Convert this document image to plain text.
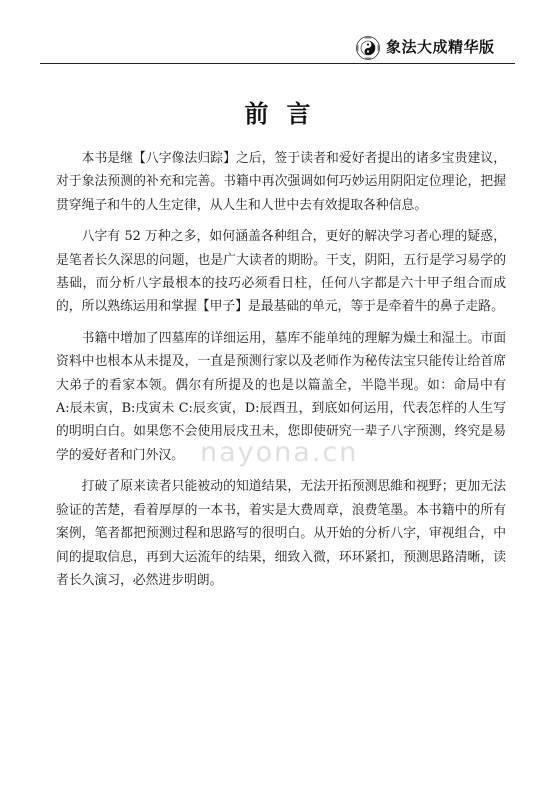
象法大成精华版
前言

本书是继【八字像法归踪】之后，签于读者和爱好者提出的诸多宝贵建议，对于象法预测的补充和完善。书籍中再次强调如何巧妙运用阴阳定位理论，把握贯穿绳子和牛的人生定律，从人生和人世中去有效提取各种信息。

八字有 52 万种之多，如何涵盖各种组合，更好的解决学习者心理的疑惑，是笔者长久深思的问题，也是广大读者的期盼。干支，阴阳，五行是学习易学的基础，而分析八字最根本的技巧必须看日柱，任何八字都是六十甲子组合而成的，所以熟练运用和掌握【甲子】是最基础的单元，等于是牵着牛的鼻子走路。

书籍中增加了四墓库的详细运用，墓库不能单纯的理解为燥土和湿土。市面资料中也根本从未提及，一直是预测行家以及老师作为秘传法宝只能传让给首席大弟子的看家本领。偶尔有所提及的也是以篇盖全，半隐半现。如：命局中有 A:辰未寅，B:戌寅未 C:辰亥寅，D:辰酉丑，到底如何运用，代表怎样的人生写的明明白白。如果您不会使用辰戌丑未，您即使研究一辈子八字预测，终究是易学的爱好者和门外汉。

打破了原来读者只能被动的知道结果，无法开拓预测思維和视野；更加无法验证的苦楚，看着厚厚的一本书，着实是大费周章，浪费笔墨。本书籍中的所有案例，笔者都把预测过程和思路写的很明白。从开始的分析八字，审视组合，中间的提取信息，再到大运流年的结果，细致入微，环环紧扣，预测思路清晰，读者长久演习，必然进步明朗。

nayona.cn
